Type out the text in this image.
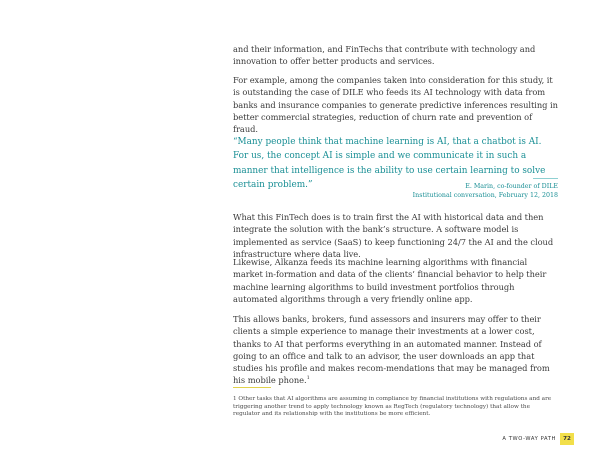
and their information, and FinTechs that contribute with technology and innovation to offer better products and services.

For example, among the companies taken into consideration for this study, it is outstanding the case of DILE who feeds its AI technology with data from banks and insurance companies to generate predictive inferences resulting in better commercial strategies, reduction of churn rate and prevention of fraud.

“Many people think that machine learning is AI, that a chatbot is AI. For us, the concept AI is simple and we communicate it in such a manner that intelligence is the ability to use certain learning to solve certain problem.”	E. Marin, co-founder of DILE
Institutional conversation, February 12, 2018

What this FinTech does is to train first the AI with historical data and then integrate the solution with the bank’s structure. A software model is implemented as service (SaaS) to keep functioning 24/7 the AI and the cloud infrastructure where data live.

Likewise, Alkanza feeds its machine learning algorithms with financial market in-formation and data of the clients’ financial behavior to help their machine learning algorithms to build investment portfolios through automated algorithms through a very friendly online app.

This allows banks, brokers, fund assessors and insurers may offer to their clients a simple experience to manage their investments at a lower cost, thanks to AI that performs everything in an automated manner. Instead of going to an office and talk to an advisor, the user downloads an app that studies his profile and makes recom-mendations that may be managed from his mobile phone.$^1$

1 Other tasks that AI algorithms are assuming in compliance by financial institutions with regulations and are triggering another trend to apply technology known as RegTech (regulatory technology) that allow the regulator and its relationship with the institutions be more efficient.

A TWO-WAY PATH	72
